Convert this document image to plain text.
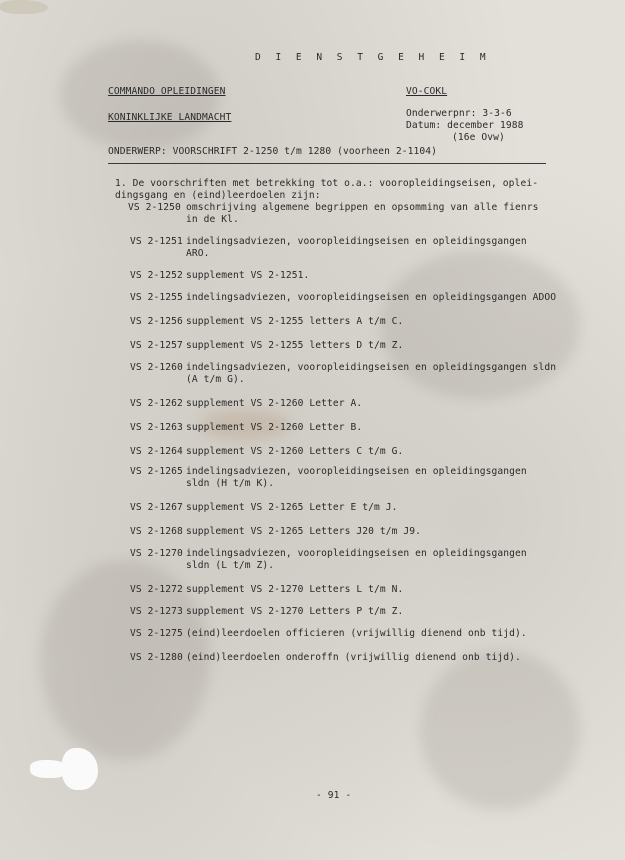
D I E N S T G E H E I M
COMMANDO OPLEIDINGEN
KONINKLIJKE LANDMACHT
VO-COKL
Onderwerpnr: 3-3-6
Datum: december 1988
(16e Ovw)
ONDERWERP: VOORSCHRIFT 2-1250 t/m 1280 (voorheen 2-1104)
1. De voorschriften met betrekking tot o.a.: vooropleidingseisen, oplei-
dingsgang en (eind)leerdoelen zijn:
VS 2-1250 omschrijving algemene begrippen en opsomming van alle fienrs
in de Kl.
VS 2-1251 indelingsadviezen, vooropleidingseisen en opleidingsgangen
ARO.
VS 2-1252 supplement VS 2-1251.
VS 2-1255 indelingsadviezen, vooropleidingseisen en opleidingsgangen ADOO
VS 2-1256 supplement VS 2-1255 letters A t/m C.
VS 2-1257 supplement VS 2-1255 letters D t/m Z.
VS 2-1260 indelingsadviezen, vooropleidingseisen en opleidingsgangen sldn
(A t/m G).
VS 2-1262 supplement VS 2-1260 Letter A.
VS 2-1263 supplement VS 2-1260 Letter B.
VS 2-1264 supplement VS 2-1260 Letters C t/m G.
VS 2-1265 indelingsadviezen, vooropleidingseisen en opleidingsgangen
sldn (H t/m K).
VS 2-1267 supplement VS 2-1265 Letter E t/m J.
VS 2-1268 supplement VS 2-1265 Letters J20 t/m J9.
VS 2-1270 indelingsadviezen, vooropleidingseisen en opleidingsgangen
sldn (L t/m Z).
VS 2-1272 supplement VS 2-1270 Letters L t/m N.
VS 2-1273 supplement VS 2-1270 Letters P t/m Z.
VS 2-1275 (eind)leerdoelen officieren (vrijwillig dienend onb tijd).
VS 2-1280 (eind)leerdoelen onderoffn (vrijwillig dienend onb tijd).
- 91 -
